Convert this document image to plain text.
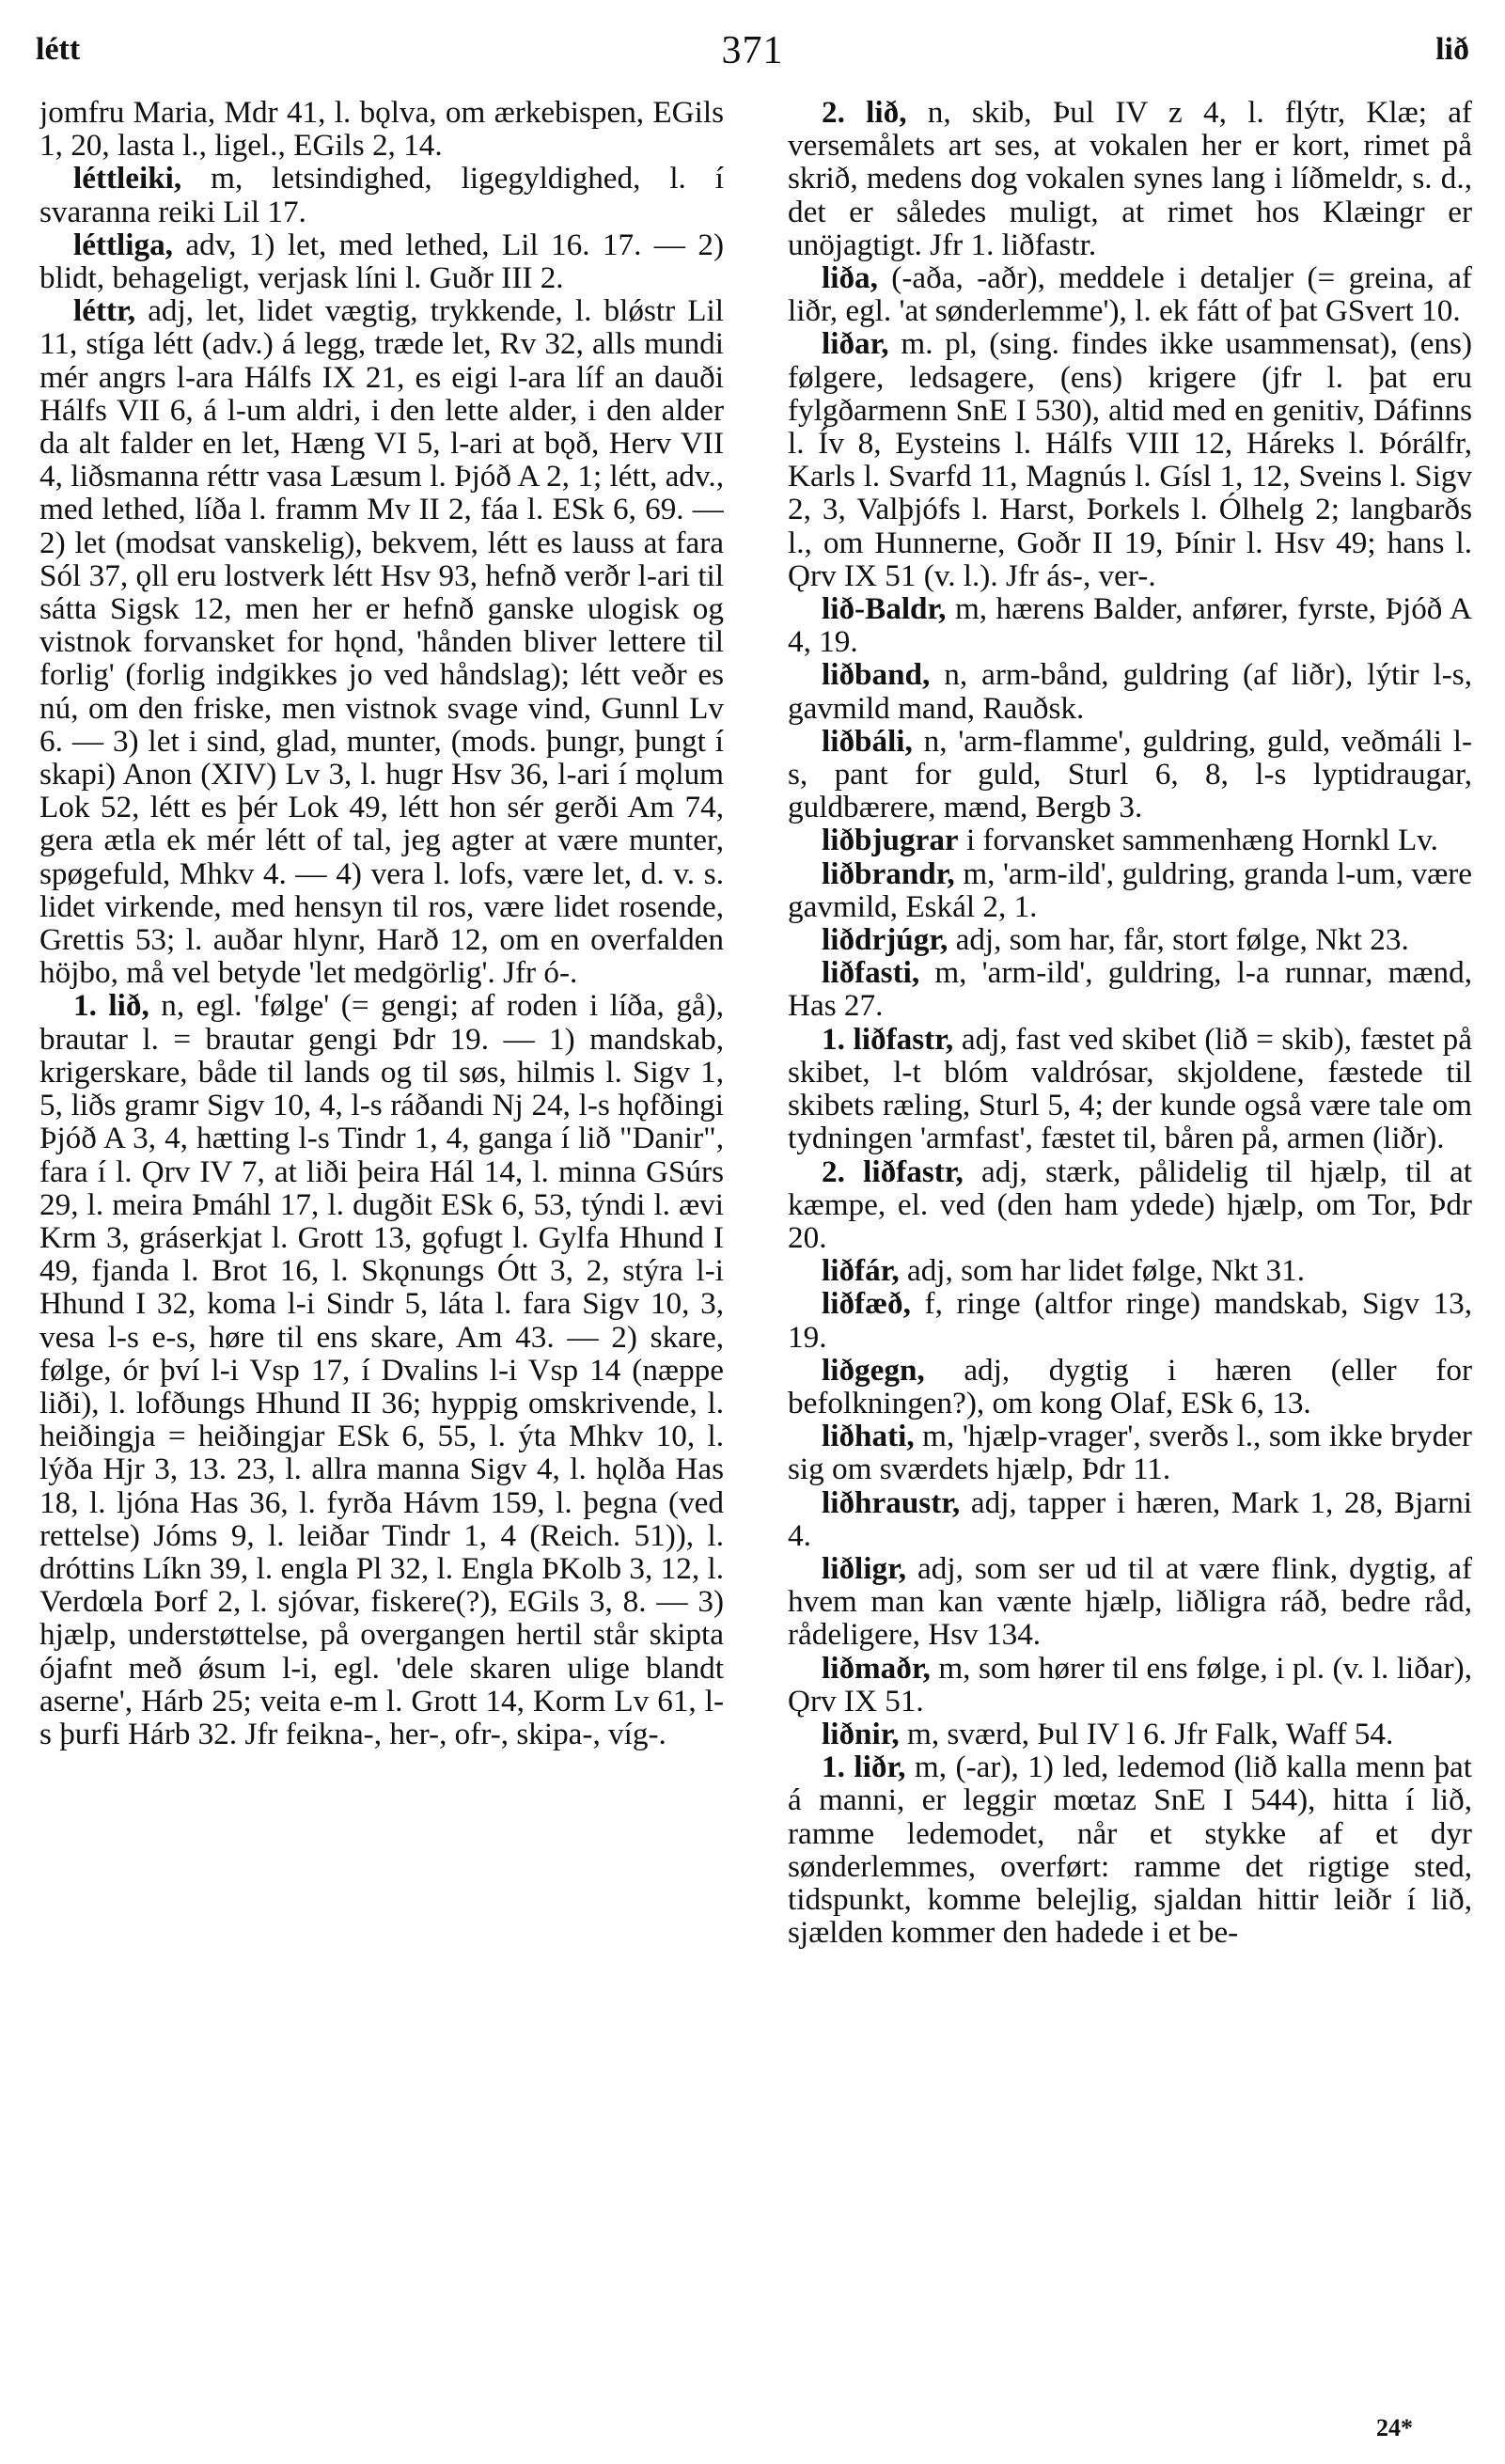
létt	371	lið

jomfru Maria, Mdr 41, l. bǫlva, om ærkebispen, EGils 1, 20, lasta l., ligel., EGils 2, 14.

léttleiki, m, letsindighed, ligegyldighed, l. í svaranna reiki Lil 17.

léttliga, adv, 1) let, med lethed, Lil 16. 17. — 2) blidt, behageligt, verjask líni l. Guðr III 2.

léttr, adj, let, lidet vægtig, trykkende, l. blǿstr Lil 11, stíga létt (adv.) á legg, træde let, Rv 32, alls mundi mér angrs l-ara Hálfs IX 21, es eigi l-ara líf an dauði Hálfs VII 6, á l-um aldri, i den lette alder, i den alder da alt falder en let, Hæng VI 5, l-ari at bǫð, Herv VII 4, liðsmanna réttr vasa Læsum l. Þjóð A 2, 1; létt, adv., med lethed, líða l. framm Mv II 2, fáa l. ESk 6, 69. — 2) let (modsat vanskelig), bekvem, létt es lauss at fara Sól 37, ǫll eru lostverk létt Hsv 93, hefnð verðr l-ari til sátta Sigsk 12, men her er hefnð ganske ulogisk og vistnok forvansket for hǫnd, 'hånden bliver lettere til forlig' (forlig indgikkes jo ved håndslag); létt veðr es nú, om den friske, men vistnok svage vind, Gunnl Lv 6. — 3) let i sind, glad, munter, (mods. þungr, þungt í skapi) Anon (XIV) Lv 3, l. hugr Hsv 36, l-ari í mǫlum Lok 52, létt es þér Lok 49, létt hon sér gerði Am 74, gera ætla ek mér létt of tal, jeg agter at være munter, spøgefuld, Mhkv 4. — 4) vera l. lofs, være let, d. v. s. lidet virkende, med hensyn til ros, være lidet rosende, Grettis 53; l. auðar hlynr, Harð 12, om en overfalden höjbo, må vel betyde 'let medgörlig'. Jfr ó-.

1. lið, n, egl. 'følge' (= gengi; af roden i líða, gå), brautar l. = brautar gengi Þdr 19. — 1) mandskab, krigerskare, både til lands og til søs, hilmis l. Sigv 1, 5, liðs gramr Sigv 10, 4, l-s ráðandi Nj 24, l-s hǫfðingi Þjóð A 3, 4, hætting l-s Tindr 1, 4, ganga í lið "Danir", fara í l. Ǫrv IV 7, at liði þeira Hál 14, l. minna GSúrs 29, l. meira Þmáhl 17, l. dugðit ESk 6, 53, týndi l. ævi Krm 3, gráserkjat l. Grott 13, gǫfugt l. Gylfa Hhund I 49, fjanda l. Brot 16, l. Skǫnungs Ótt 3, 2, stýra l-i Hhund I 32, koma l-i Sindr 5, láta l. fara Sigv 10, 3, vesa l-s e-s, høre til ens skare, Am 43. — 2) skare, følge, ór því l-i Vsp 17, í Dvalins l-i Vsp 14 (næppe liði), l. lofðungs Hhund II 36; hyppig omskrivende, l. heiðingja = heiðingjar ESk 6, 55, l. ýta Mhkv 10, l. lýða Hjr 3, 13. 23, l. allra manna Sigv 4, l. hǫlða Has 18, l. ljóna Has 36, l. fyrða Hávm 159, l. þegna (ved rettelse) Jóms 9, l. leiðar Tindr 1, 4 (Reich. 51)), l. dróttins Líkn 39, l. engla Pl 32, l. Engla ÞKolb 3, 12, l. Verdœla Þorf 2, l. sjóvar, fiskere(?), EGils 3, 8. — 3) hjælp, understøttelse, på overgangen hertil står skipta ójafnt með ǿsum l-i, egl. 'dele skaren ulige blandt aserne', Hárb 25; veita e-m l. Grott 14, Korm Lv 61, l-s þurfi Hárb 32. Jfr feikna-, her-, ofr-, skipa-, víg-.

2. lið, n, skib, Þul IV z 4, l. flýtr, Klæ; af versemålets art ses, at vokalen her er kort, rimet på skrið, medens dog vokalen synes lang i líðmeldr, s. d., det er således muligt, at rimet hos Klæingr er unöjagtigt. Jfr 1. liðfastr.

liða, (-aða, -aðr), meddele i detaljer (= greina, af liðr, egl. 'at sønderlemme'), l. ek fátt of þat GSvert 10.

liðar, m. pl, (sing. findes ikke usammensat), (ens) følgere, ledsagere, (ens) krigere (jfr l. þat eru fylgðarmenn SnE I 530), altid med en genitiv, Dáfinns l. Ív 8, Eysteins l. Hálfs VIII 12, Háreks l. Þórálfr, Karls l. Svarfd 11, Magnús l. Gísl 1, 12, Sveins l. Sigv 2, 3, Valþjófs l. Harst, Þorkels l. Ólhelg 2; langbarðs l., om Hunnerne, Goðr II 19, Þínir l. Hsv 49; hans l. Ǫrv IX 51 (v. l.). Jfr ás-, ver-.

lið-Baldr, m, hærens Balder, anfører, fyrste, Þjóð A 4, 19.

liðband, n, arm-bånd, guldring (af liðr), lýtir l-s, gavmild mand, Rauðsk.

liðbáli, n, 'arm-flamme', guldring, guld, veðmáli l-s, pant for guld, Sturl 6, 8, l-s lyptidraugar, guldbærere, mænd, Bergb 3.

liðbjugrar i forvansket sammenhæng Hornkl Lv.

liðbrandr, m, 'arm-ild', guldring, granda l-um, være gavmild, Eskál 2, 1.

liðdrjúgr, adj, som har, får, stort følge, Nkt 23.

liðfasti, m, 'arm-ild', guldring, l-a runnar, mænd, Has 27.

1. liðfastr, adj, fast ved skibet (lið = skib), fæstet på skibet, l-t blóm valdrósar, skjoldene, fæstede til skibets ræling, Sturl 5, 4; der kunde også være tale om tydningen 'armfast', fæstet til, båren på, armen (liðr).

2. liðfastr, adj, stærk, pålidelig til hjælp, til at kæmpe, el. ved (den ham ydede) hjælp, om Tor, Þdr 20.

liðfár, adj, som har lidet følge, Nkt 31.

liðfæð, f, ringe (altfor ringe) mandskab, Sigv 13, 19.

liðgegn, adj, dygtig i hæren (eller for befolkningen?), om kong Olaf, ESk 6, 13.

liðhati, m, 'hjælp-vrager', sverðs l., som ikke bryder sig om sværdets hjælp, Þdr 11.

liðhraustr, adj, tapper i hæren, Mark 1, 28, Bjarni 4.

liðligr, adj, som ser ud til at være flink, dygtig, af hvem man kan vænte hjælp, liðligra ráð, bedre råd, rådeligere, Hsv 134.

liðmaðr, m, som hører til ens følge, i pl. (v. l. liðar), Ǫrv IX 51.

liðnir, m, sværd, Þul IV l 6. Jfr Falk, Waff 54.

1. liðr, m, (-ar), 1) led, ledemod (lið kalla menn þat á manni, er leggir mœtaz SnE I 544), hitta í lið, ramme ledemodet, når et stykke af et dyr sønderlemmes, overført: ramme det rigtige sted, tidspunkt, komme belejlig, sjaldan hittir leiðr í lið, sjælden kommer den hadede i et be-

24*
